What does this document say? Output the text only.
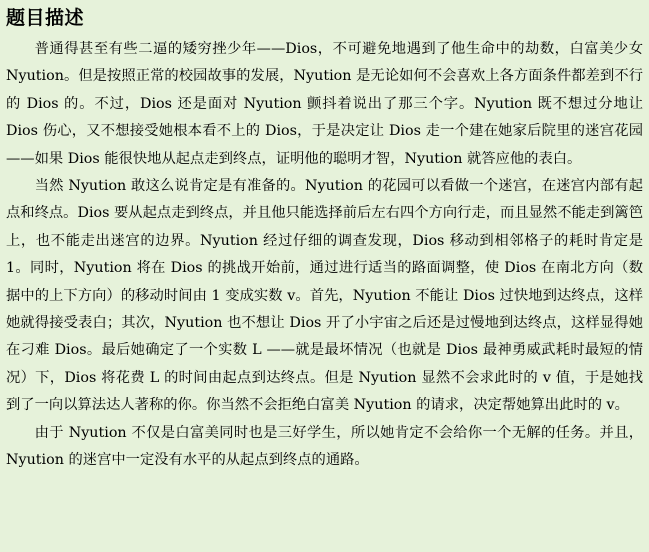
题目描述

普通得甚至有些二逼的矮穷挫少年——Dios，不可避免地遇到了他生命中的劫数，白富美少女 Nyution。但是按照正常的校园故事的发展，Nyution 是无论如何不会喜欢上各方面条件都差到不行的 Dios 的。不过，Dios 还是面对 Nyution 颤抖着说出了那三个字。Nyution 既不想过分地让 Dios 伤心，又不想接受她根本看不上的 Dios，于是决定让 Dios 走一个建在她家后院里的迷宫花园——如果 Dios 能很快地从起点走到终点，证明他的聪明才智，Nyution 就答应他的表白。

当然 Nyution 敢这么说肯定是有准备的。Nyution 的花园可以看做一个迷宫，在迷宫内部有起点和终点。Dios 要从起点走到终点，并且他只能选择前后左右四个方向行走，而且显然不能走到篱笆上，也不能走出迷宫的边界。Nyution 经过仔细的调查发现，Dios 移动到相邻格子的耗时肯定是 1。同时，Nyution 将在 Dios 的挑战开始前，通过进行适当的路面调整，使 Dios 在南北方向（数据中的上下方向）的移动时间由 1 变成实数 v。首先，Nyution 不能让 Dios 过快地到达终点，这样她就得接受表白；其次，Nyution 也不想让 Dios 开了小宇宙之后还是过慢地到达终点，这样显得她在刁难 Dios。最后她确定了一个实数 L ——就是最坏情况（也就是 Dios 最神勇威武耗时最短的情况）下，Dios 将花费 L 的时间由起点到达终点。但是 Nyution 显然不会求此时的 v 值，于是她找到了一向以算法达人著称的你。你当然不会拒绝白富美 Nyution 的请求，决定帮她算出此时的 v。

由于 Nyution 不仅是白富美同时也是三好学生，所以她肯定不会给你一个无解的任务。并且，Nyution 的迷宫中一定没有水平的从起点到终点的通路。
